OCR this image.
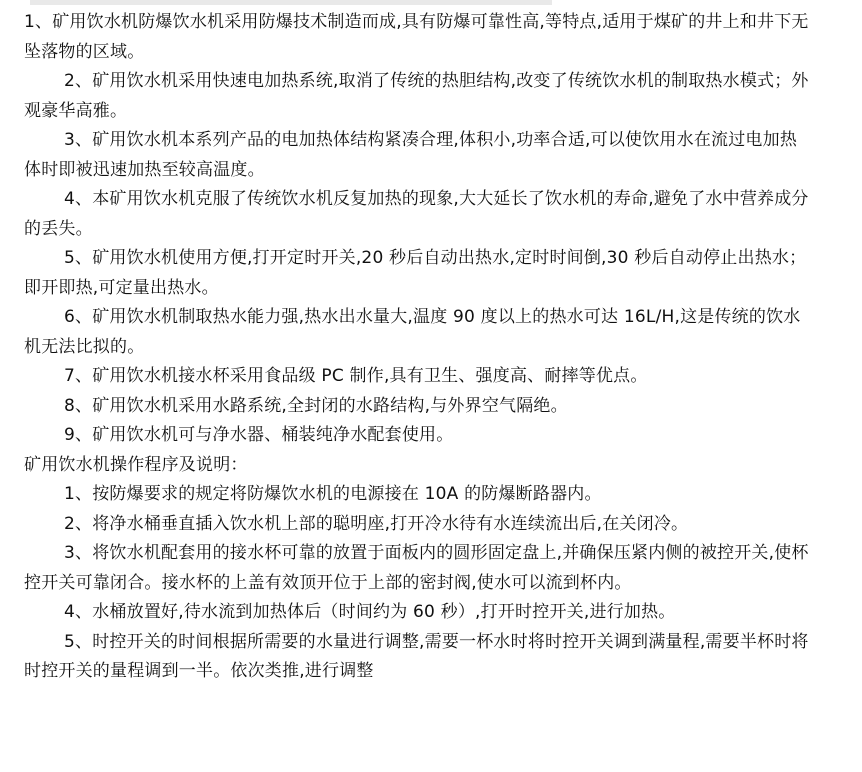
1、矿用饮水机防爆饮水机采用防爆技术制造而成,具有防爆可靠性高,等特点,适用于煤矿的井上和井下无坠落物的区域。

2、矿用饮水机采用快速电加热系统,取消了传统的热胆结构,改变了传统饮水机的制取热水模式；外观豪华高雅。

3、矿用饮水机本系列产品的电加热体结构紧凑合理,体积小,功率合适,可以使饮用水在流过电加热体时即被迅速加热至较高温度。

4、本矿用饮水机克服了传统饮水机反复加热的现象,大大延长了饮水机的寿命,避免了水中营养成分的丢失。

5、矿用饮水机使用方便,打开定时开关,20 秒后自动出热水,定时时间倒,30 秒后自动停止出热水；即开即热,可定量出热水。

6、矿用饮水机制取热水能力强,热水出水量大,温度 90 度以上的热水可达 16L/H,这是传统的饮水机无法比拟的。

7、矿用饮水机接水杯采用食品级 PC 制作,具有卫生、强度高、耐摔等优点。

8、矿用饮水机采用水路系统,全封闭的水路结构,与外界空气隔绝。

9、矿用饮水机可与净水器、桶装纯净水配套使用。

矿用饮水机操作程序及说明：

1、按防爆要求的规定将防爆饮水机的电源接在 10A 的防爆断路器内。

2、将净水桶垂直插入饮水机上部的聪明座,打开冷水待有水连续流出后,在关闭冷。

3、将饮水机配套用的接水杯可靠的放置于面板内的圆形固定盘上,并确保压紧内侧的被控开关,使杯控开关可靠闭合。接水杯的上盖有效顶开位于上部的密封阀,使水可以流到杯内。

4、水桶放置好,待水流到加热体后（时间约为 60 秒）,打开时控开关,进行加热。

5、时控开关的时间根据所需要的水量进行调整,需要一杯水时将时控开关调到满量程,需要半杯时将时控开关的量程调到一半。依次类推,进行调整
